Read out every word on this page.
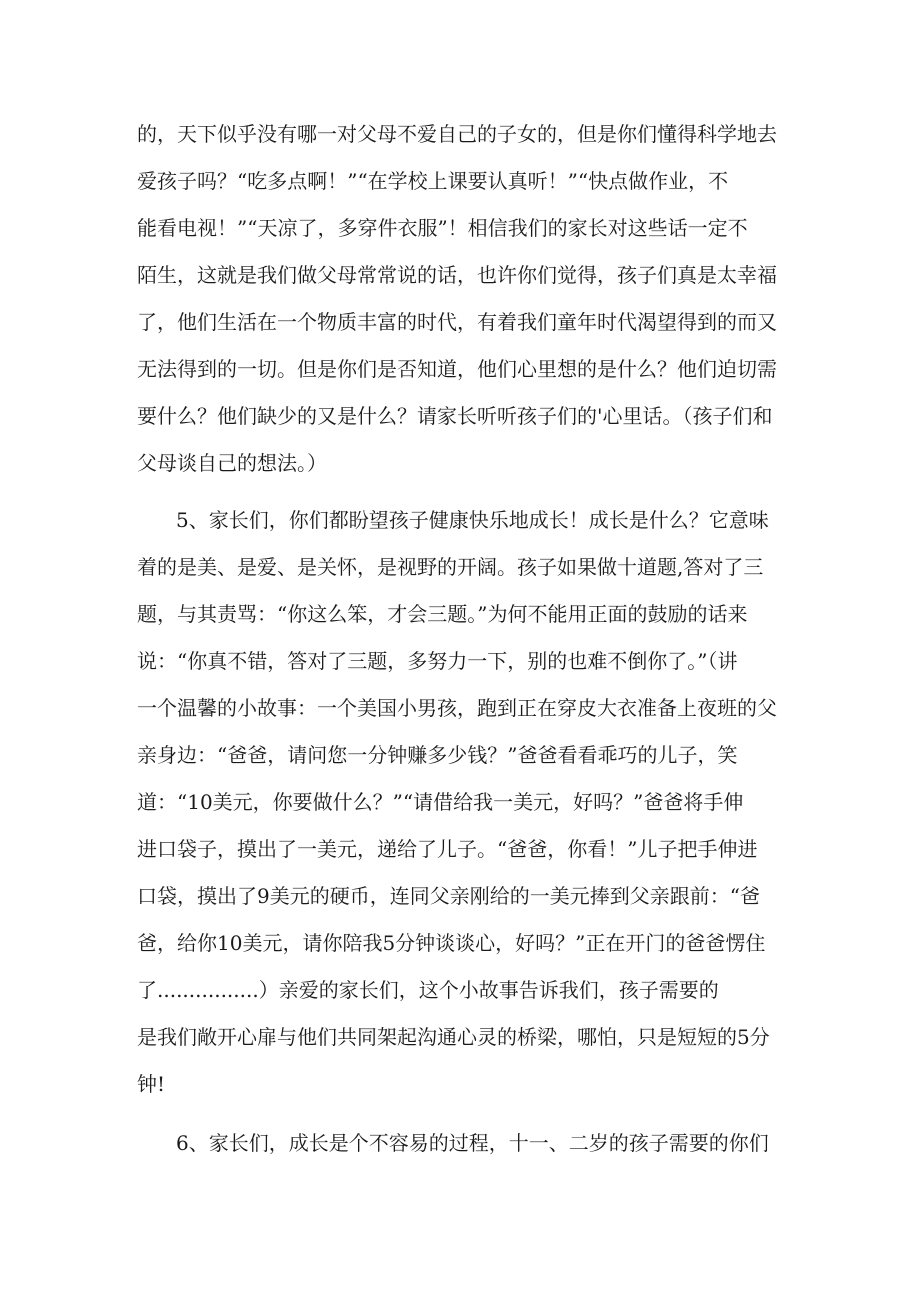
的，天下似乎没有哪一对父母不爱自己的子女的，但是你们懂得科学地去
爱孩子吗？“吃多点啊！”“在学校上课要认真听！”“快点做作业，不
能看电视！”“天凉了，多穿件衣服”！相信我们的家长对这些话一定不
陌生，这就是我们做父母常常说的话，也许你们觉得，孩子们真是太幸福
了，他们生活在一个物质丰富的时代，有着我们童年时代渴望得到的而又
无法得到的一切。但是你们是否知道，他们心里想的是什么？他们迫切需
要什么？他们缺少的又是什么？请家长听听孩子们的'心里话。（孩子们和
父母谈自己的想法。）
5、家长们，你们都盼望孩子健康快乐地成长！成长是什么？它意味
着的是美、是爱、是关怀，是视野的开阔。孩子如果做十道题,答对了三
题，与其责骂：“你这么笨，才会三题。”为何不能用正面的鼓励的话来
说：“你真不错，答对了三题，多努力一下，别的也难不倒你了。”（讲
一个温馨的小故事：一个美国小男孩，跑到正在穿皮大衣准备上夜班的父
亲身边：“爸爸，请问您一分钟赚多少钱？”爸爸看看乖巧的儿子，笑
道：“10美元，你要做什么？”“请借给我一美元，好吗？”爸爸将手伸
进口袋子，摸出了一美元，递给了儿子。“爸爸，你看！”儿子把手伸进
口袋，摸出了9美元的硬币，连同父亲刚给的一美元捧到父亲跟前：“爸
爸，给你10美元，请你陪我5分钟谈谈心，好吗？”正在开门的爸爸愣住
了................）亲爱的家长们，这个小故事告诉我们，孩子需要的
是我们敞开心扉与他们共同架起沟通心灵的桥梁，哪怕，只是短短的5分
钟!
6、家长们，成长是个不容易的过程，十一、二岁的孩子需要的你们
